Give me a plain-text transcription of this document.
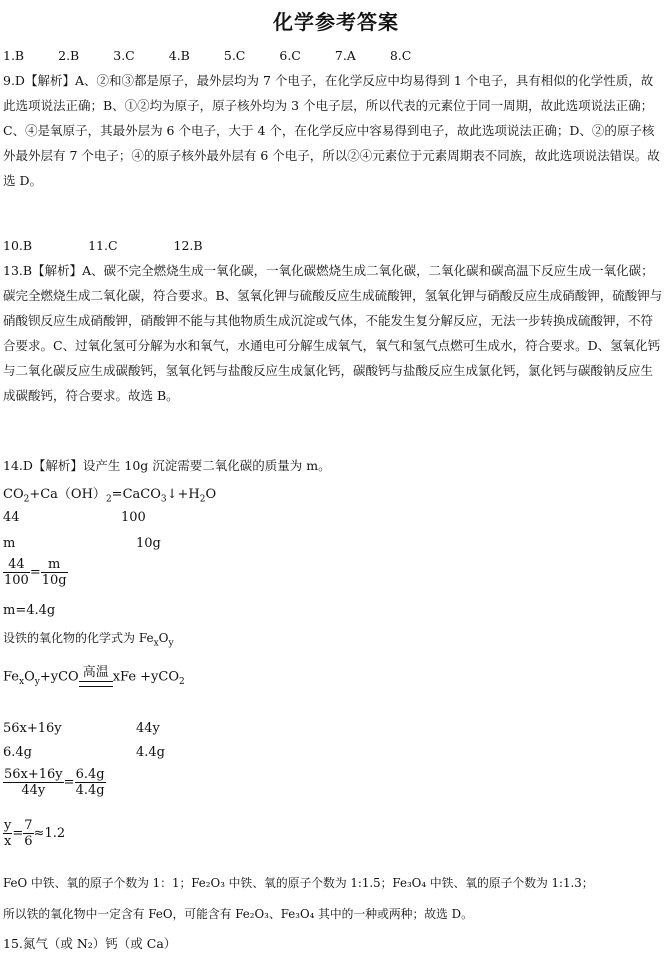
化学参考答案
1.B	2.B	3.C	4.B	5.C	6.C	7.A	8.C
9.D【解析】A、②和③都是原子，最外层均为 7 个电子，在化学反应中均易得到 1 个电子，具有相似的化学性质，故此选项说法正确；B、①②均为原子，原子核外均为 3 个电子层，所以代表的元素位于同一周期，故此选项说法正确；C、④是氧原子，其最外层为 6 个电子，大于 4 个，在化学反应中容易得到电子，故此选项说法正确；D、②的原子核外最外层有 7 个电子；④的原子核外最外层有 6 个电子，所以②④元素位于元素周期表不同族，故此选项说法错误。故选 D。
10.B	11.C	12.B
13.B【解析】A、碳不完全燃烧生成一氧化碳，一氧化碳燃烧生成二氧化碳，二氧化碳和碳高温下反应生成一氧化碳；碳完全燃烧生成二氧化碳，符合要求。B、氢氧化钾与硫酸反应生成硫酸钾，氢氧化钾与硝酸反应生成硝酸钾，硫酸钾与硝酸钡反应生成硝酸钾，硝酸钾不能与其他物质生成沉淀或气体，不能发生复分解反应，无法一步转换成硫酸钾，不符合要求。C、过氧化氢可分解为水和氧气，水通电可分解生成氧气，氧气和氢气点燃可生成水，符合要求。D、氢氧化钙与二氧化碳反应生成碳酸钙，氢氧化钙与盐酸反应生成氯化钙，碳酸钙与盐酸反应生成氯化钙，氯化钙与碳酸钠反应生成碳酸钙，符合要求。故选 B。
14.D【解析】设产生 10g 沉淀需要二氧化碳的质量为 m。
$CO_2+Ca(OH)_2=CaCO_3↓+H_2O$
44	100
m	10g
$\frac{44}{100} = \frac{m}{10g}$
m=4.4g
设铁的氧化物的化学式为 $Fe_xO_y$
$Fe_xO_y+yCO$ 高温 xFe +yCO$_2$
56x+16y	44y
6.4g	4.4g
$\frac{56x+16y}{44y} = \frac{6.4g}{4.4g}$
$\frac{y}{x} = \frac{7}{6} \approx 1.2$
FeO 中铁、氧的原子个数为 1：1；Fe₂O₃ 中铁、氧的原子个数为 1:1.5；Fe₃O₄ 中铁、氧的原子个数为 1:1.3；
所以铁的氧化物中一定含有 FeO，可能含有 Fe₂O₃、Fe₃O₄ 其中的一种或两种；故选 D。
15.氮气（或 N₂）钙（或 Ca）
